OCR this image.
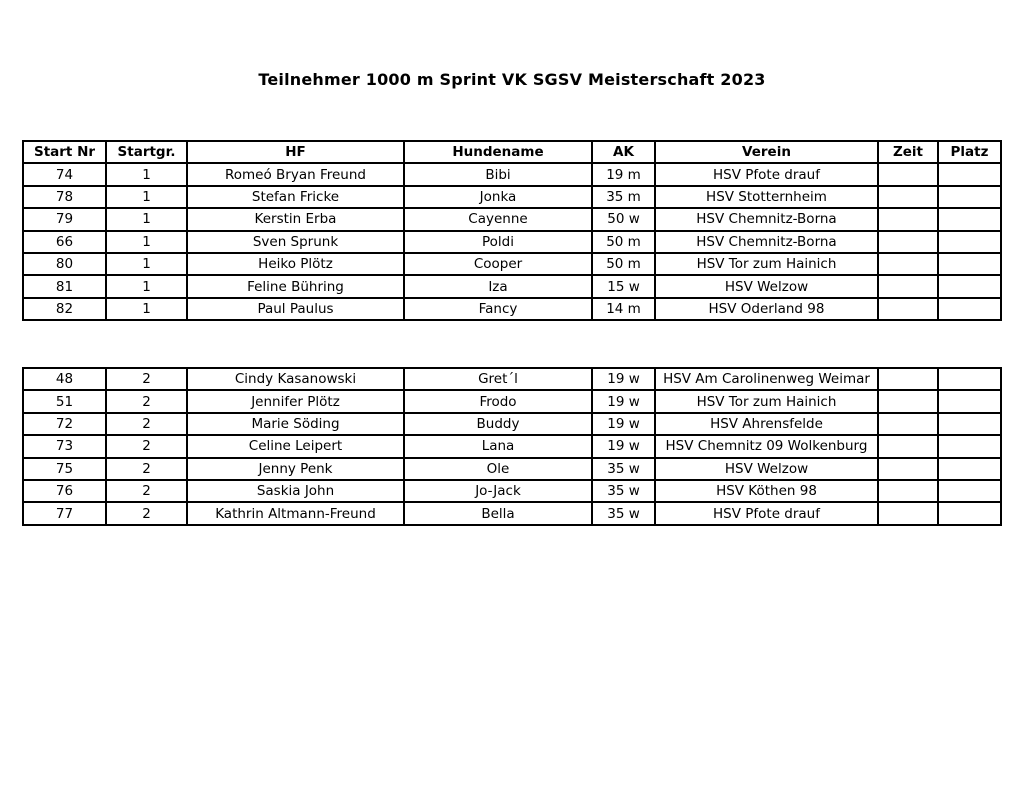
Teilnehmer 1000 m Sprint VK SGSV Meisterschaft 2023
Start Nr	Startgr.	HF	Hundename	AK	Verein	Zeit	Platz
74	1	Romeó Bryan Freund	Bibi	19 m	HSV Pfote drauf		
78	1	Stefan Fricke	Jonka	35 m	HSV Stotternheim		
79	1	Kerstin Erba	Cayenne	50 w	HSV Chemnitz-Borna		
66	1	Sven Sprunk	Poldi	50 m	HSV Chemnitz-Borna		
80	1	Heiko Plötz	Cooper	50 m	HSV Tor zum Hainich		
81	1	Feline Bühring	Iza	15 w	HSV Welzow		
82	1	Paul Paulus	Fancy	14 m	HSV Oderland 98		
48	2	Cindy Kasanowski	Gret´l	19 w	HSV Am Carolinenweg Weimar		
51	2	Jennifer Plötz	Frodo	19 w	HSV Tor zum Hainich		
72	2	Marie Söding	Buddy	19 w	HSV Ahrensfelde		
73	2	Celine Leipert	Lana	19 w	HSV Chemnitz 09 Wolkenburg		
75	2	Jenny Penk	Ole	35 w	HSV Welzow		
76	2	Saskia John	Jo-Jack	35 w	HSV Köthen 98		
77	2	Kathrin Altmann-Freund	Bella	35 w	HSV Pfote drauf		
